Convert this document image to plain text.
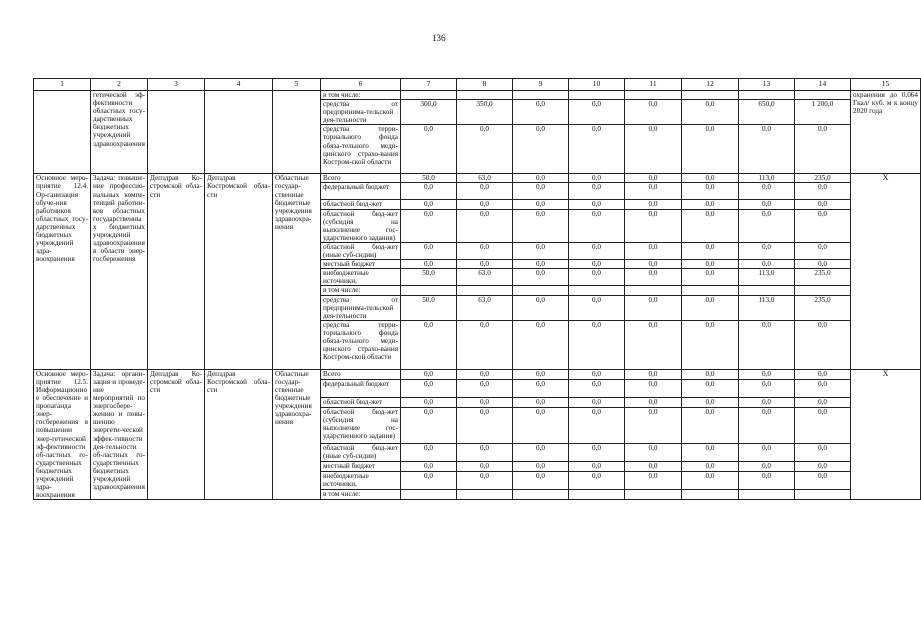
136
1	2	3	4	5	6	7	8	9	10	11	12	13	14	15
	гетической эф-фективности областных госу-дарственных бюджетных учреждений здравоохранения				в том числе:									охранения до 0,064 Гкал/ куб. м к концу 2020 года
					средства от предпринима-тельской дея-тельности	300,0	350,0	0,0	0,0	0,0	0,0	650,0	1 200,0	
					средства терри-ториального фонда обяза-тельного меди-цинского страхо-вания Костром-ской области	0,0	0,0	0,0	0,0	0,0	0,0	0,0	0,0	
Основное меро-приятие 12.4. Ор-ганизация обуче-ния работников областных госу-дарственных бюджетных учреждений здра-воохранения	Задача: повыше-ние профессио-нальных компе-тенций работни-ков областных государственных бюджетных учреждений здравоохранения в области энер-госбережения	Депздрав Ко-стромской обла-сти	Депздрав Костромской обла-сти	Областные государ-ственные бюджетные учреждения здравоохра-нения	Всего	50,0	63,0	0,0	0,0	0,0	0,0	113,0	235,0	Х
					федеральный бюджет	0,0	0,0	0,0	0,0	0,0	0,0	0,0	0,0	
					областной бюд-жет	0,0	0,0	0,0	0,0	0,0	0,0	0,0	0,0	
					областной бюд-жет (субсидия на выполнение гос-ударственного задания)	0,0	0,0	0,0	0,0	0,0	0,0	0,0	0,0	
					областной бюд-жет (иные суб-сидии)	0,0	0,0	0,0	0,0	0,0	0,0	0,0	0,0	
					местный бюджет	0,0	0,0	0,0	0,0	0,0	0,0	0,0	0,0	
					внебюджетные источники,	50,0	63,0	0,0	0,0	0,0	0,0	113,0	235,0	
					в том числе:									
					средства от предпринима-тельской дея-тельности	50,0	63,0	0,0	0,0	0,0	0,0	113,0	235,0	
					средства терри-ториального фонда обяза-тельного меди-цинского страхо-вания Костром-ской области	0,0	0,0	0,0	0,0	0,0	0,0	0,0	0,0	
Основное меро-приятие 12.5. Информационное обеспечение и пропаганда энер-госбережения в повышении энер-гетической эф-фективности об-ластных го-сударственных бюджетных учреждений здра-воохранения	Задача: органи-зация и проведе-ние мероприятий по энергосбере-жению и повы-шению энергети-ческой эффек-тивности дея-тельности об-ластных го-сударственных бюджетных учреждений здравоохранения	Депздрав Ко-стромской обла-сти	Депздрав Костромской обла-сти	Областные государ-ственные бюджетные учреждения здравоохра-нения	Всего	0,0	0,0	0,0	0,0	0,0	0,0	0,0	0,0	Х
					федеральный бюджет	0,0	0,0	0,0	0,0	0,0	0,0	0,0	0,0	
					областной бюд-жет	0,0	0,0	0,0	0,0	0,0	0,0	0,0	0,0	
					областной бюд-жет (субсидия на выполнение гос-ударственного задания)	0,0	0,0	0,0	0,0	0,0	0,0	0,0	0,0	
					областной бюд-жет (иные суб-сидии)	0,0	0,0	0,0	0,0	0,0	0,0	0,0	0,0	
					местный бюджет	0,0	0,0	0,0	0,0	0,0	0,0	0,0	0,0	
					внебюджетные источники,	0,0	0,0	0,0	0,0	0,0	0,0	0,0	0,0	
					в том числе:									
